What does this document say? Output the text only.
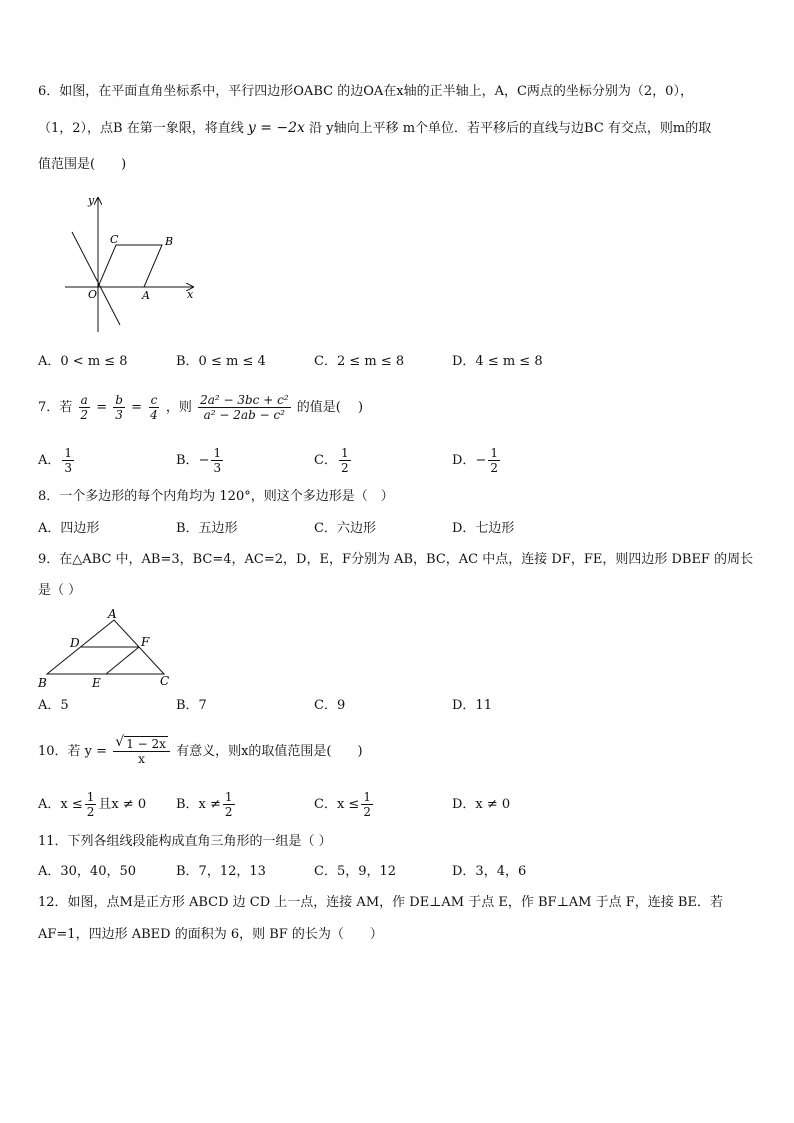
6．如图，在平面直角坐标系中，平行四边形OABC 的边OA在x轴的正半轴上，A，C两点的坐标分别为（2，0），
（1，2），点B 在第一象限，将直线 y = −2x 沿 y轴向上平移 m个单位．若平移后的直线与边BC 有交点，则m的取
值范围是(　　)
y
x
O	A
B
C
A．0 < m ≤ 8	B．0 ≤ m ≤ 4	C．2 ≤ m ≤ 8	D．4 ≤ m ≤ 8
7．若 $\frac{a}{2} = \frac{b}{3} = \frac{c}{4}$ ，则 $\frac{\text{2a² − 3bc + c²}}{\text{a² − 2ab − c²}}$ 的值是(　 )
A． $\frac{1}{3}$	B．− $\frac{1}{3}$	C． $\frac{1}{2}$	D．− $\frac{1}{2}$
8．一个多边形的每个内角均为 120°，则这个多边形是（　）
A．四边形	B．五边形	C．六边形	D．七边形
9．在△ABC 中，AB=3，BC=4，AC=2，D，E，F分别为 AB，BC，AC 中点，连接 DF，FE，则四边形 DBEF 的周长
是（ ）
A
D	F
B	E	C
A．5	B．7	C．9	D．11
10．若 $y = \frac{√ 1 - 2x}{x}$ 有意义，则x的取值范围是(　　)
A．$x \le \frac{1}{2}$ 且x ≠ 0 B．$x \ne \frac{1}{2}$	C．$x \le \frac{1}{2}$	D．x ≠ 0
11．下列各组线段能构成直角三角形的一组是（ ）
A．30，40，50	B．7，12，13	C．5，9，12	D．3，4，6
12．如图，点M是正方形 ABCD 边 CD 上一点，连接 AM，作 DE⊥AM 于点 E，作 BF⊥AM 于点 F，连接 BE．若
AF=1，四边形 ABED 的面积为 6，则 BF 的长为（　　）
